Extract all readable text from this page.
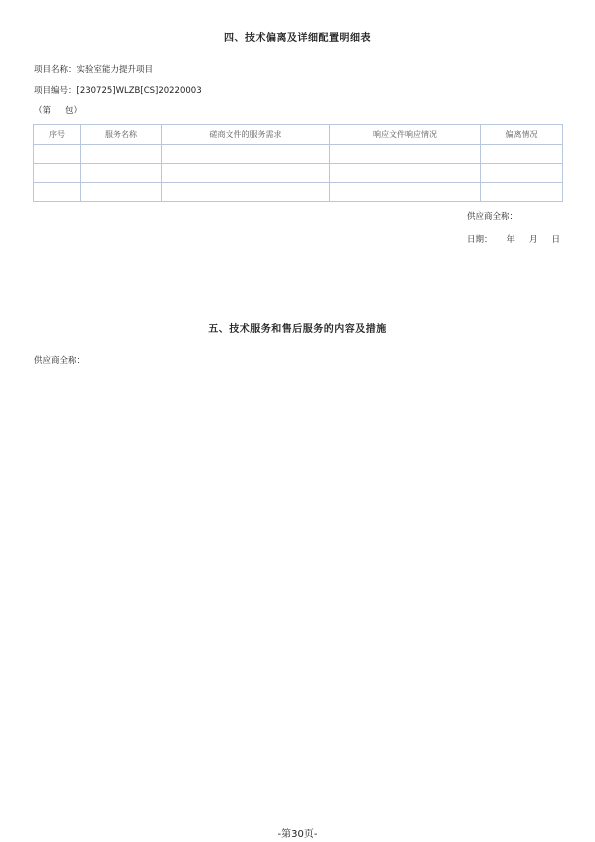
四、技术偏离及详细配置明细表
项目名称：实验室能力提升项目
项目编号：[230725]WLZB[CS]20220003
（第 包）
序号	服务名称	磋商文件的服务需求	响应文件响应情况	偏离情况

供应商全称：
日期： 年 月 日
五、技术服务和售后服务的内容及措施
供应商全称：
-第30页-
